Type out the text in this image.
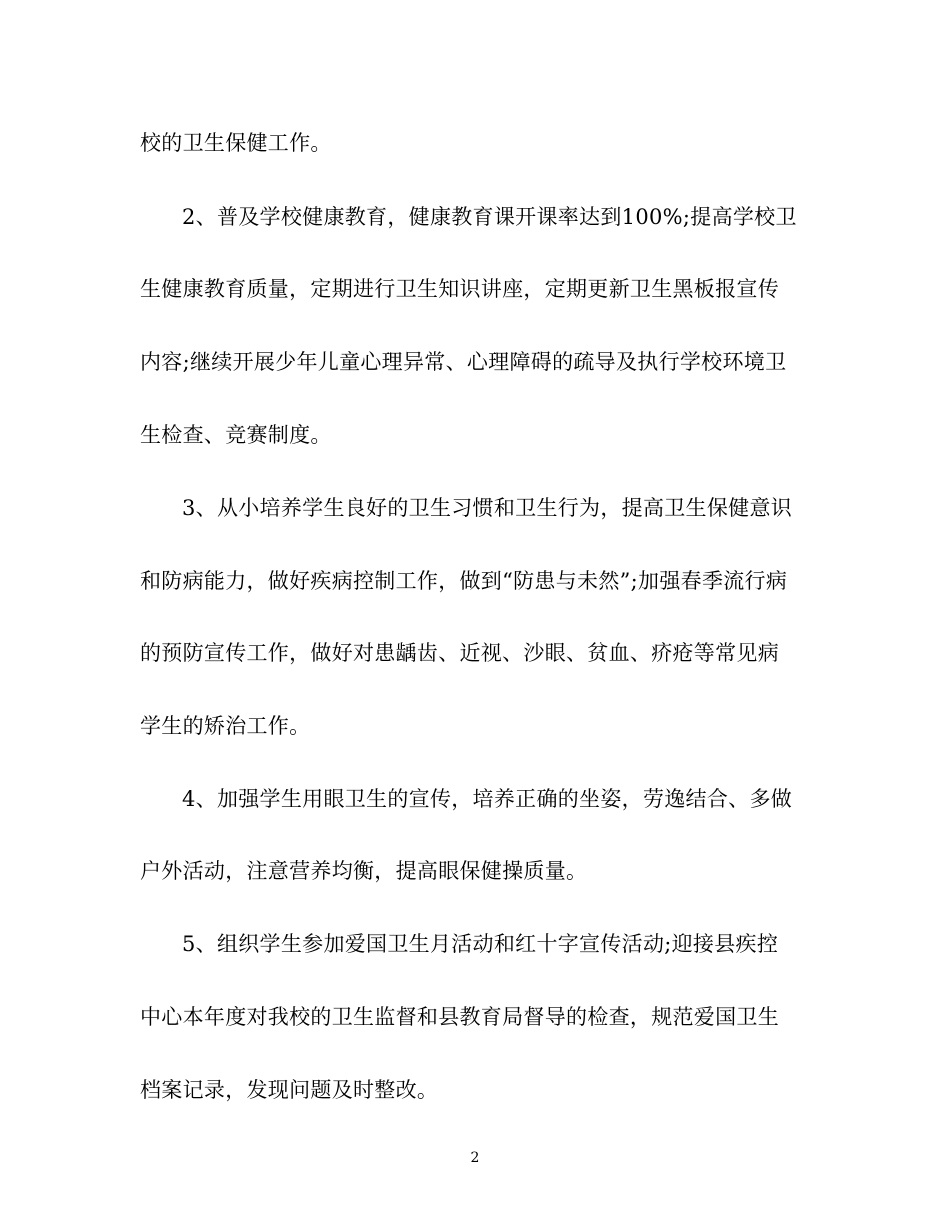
校的卫生保健工作。
2、普及学校健康教育，健康教育课开课率达到100%;提高学校卫
生健康教育质量，定期进行卫生知识讲座，定期更新卫生黑板报宣传
内容;继续开展少年儿童心理异常、心理障碍的疏导及执行学校环境卫
生检查、竞赛制度。
3、从小培养学生良好的卫生习惯和卫生行为，提高卫生保健意识
和防病能力，做好疾病控制工作，做到“防患与未然”;加强春季流行病
的预防宣传工作，做好对患龋齿、近视、沙眼、贫血、疥疮等常见病
学生的矫治工作。
4、加强学生用眼卫生的宣传，培养正确的坐姿，劳逸结合、多做
户外活动，注意营养均衡，提高眼保健操质量。
5、组织学生参加爱国卫生月活动和红十字宣传活动;迎接县疾控
中心本年度对我校的卫生监督和县教育局督导的检查，规范爱国卫生
档案记录，发现问题及时整改。
2
